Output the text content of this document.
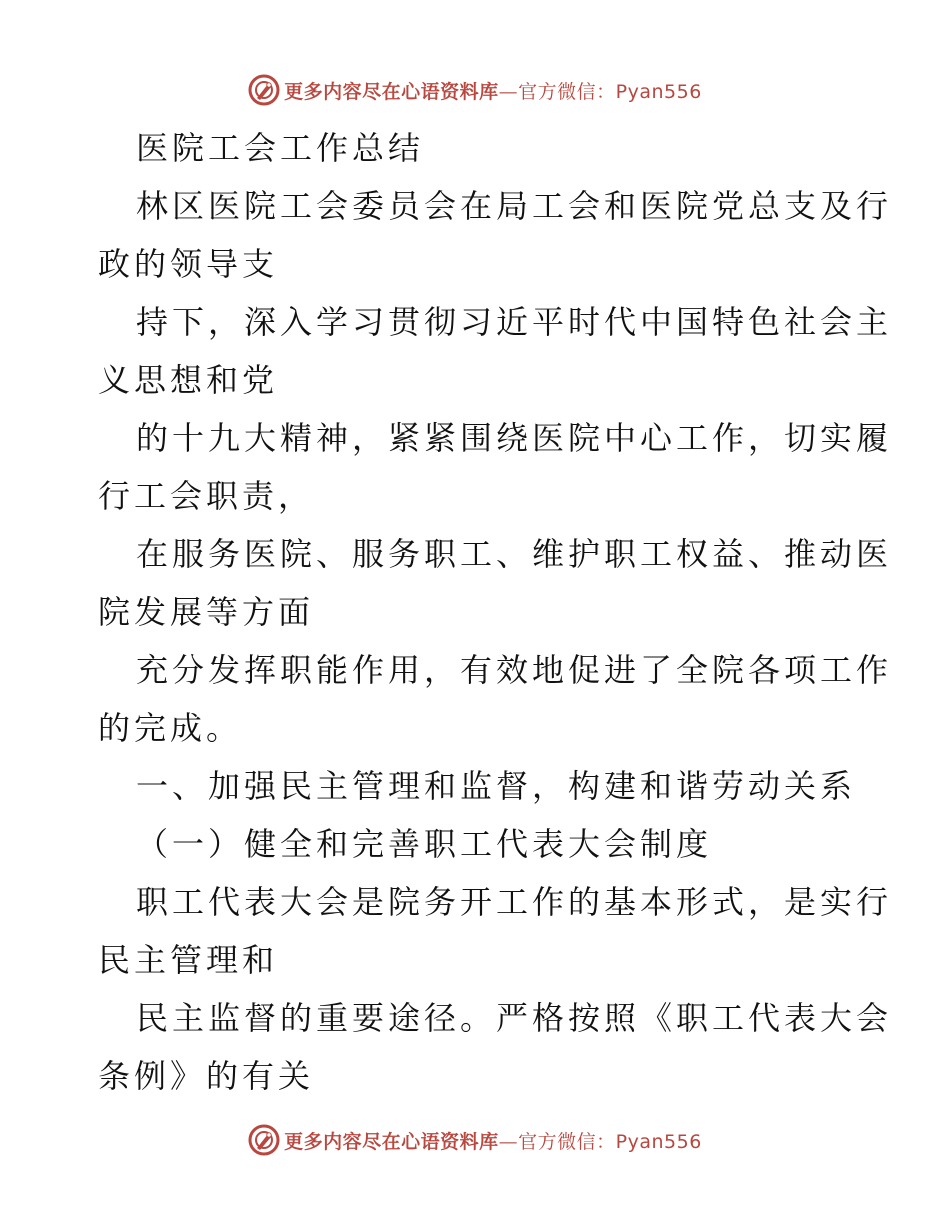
更多内容尽在心语资料库—官方微信：Pyan556
医院工会工作总结
林区医院工会委员会在局工会和医院党总支及行
政的领导支
持下，深入学习贯彻习近平时代中国特色社会主
义思想和党
的十九大精神，紧紧围绕医院中心工作，切实履
行工会职责，
在服务医院、服务职工、维护职工权益、推动医
院发展等方面
充分发挥职能作用，有效地促进了全院各项工作
的完成。
一、加强民主管理和监督，构建和谐劳动关系
（一）健全和完善职工代表大会制度
职工代表大会是院务开工作的基本形式，是实行
民主管理和
民主监督的重要途径。严格按照《职工代表大会
条例》的有关
更多内容尽在心语资料库—官方微信：Pyan556
